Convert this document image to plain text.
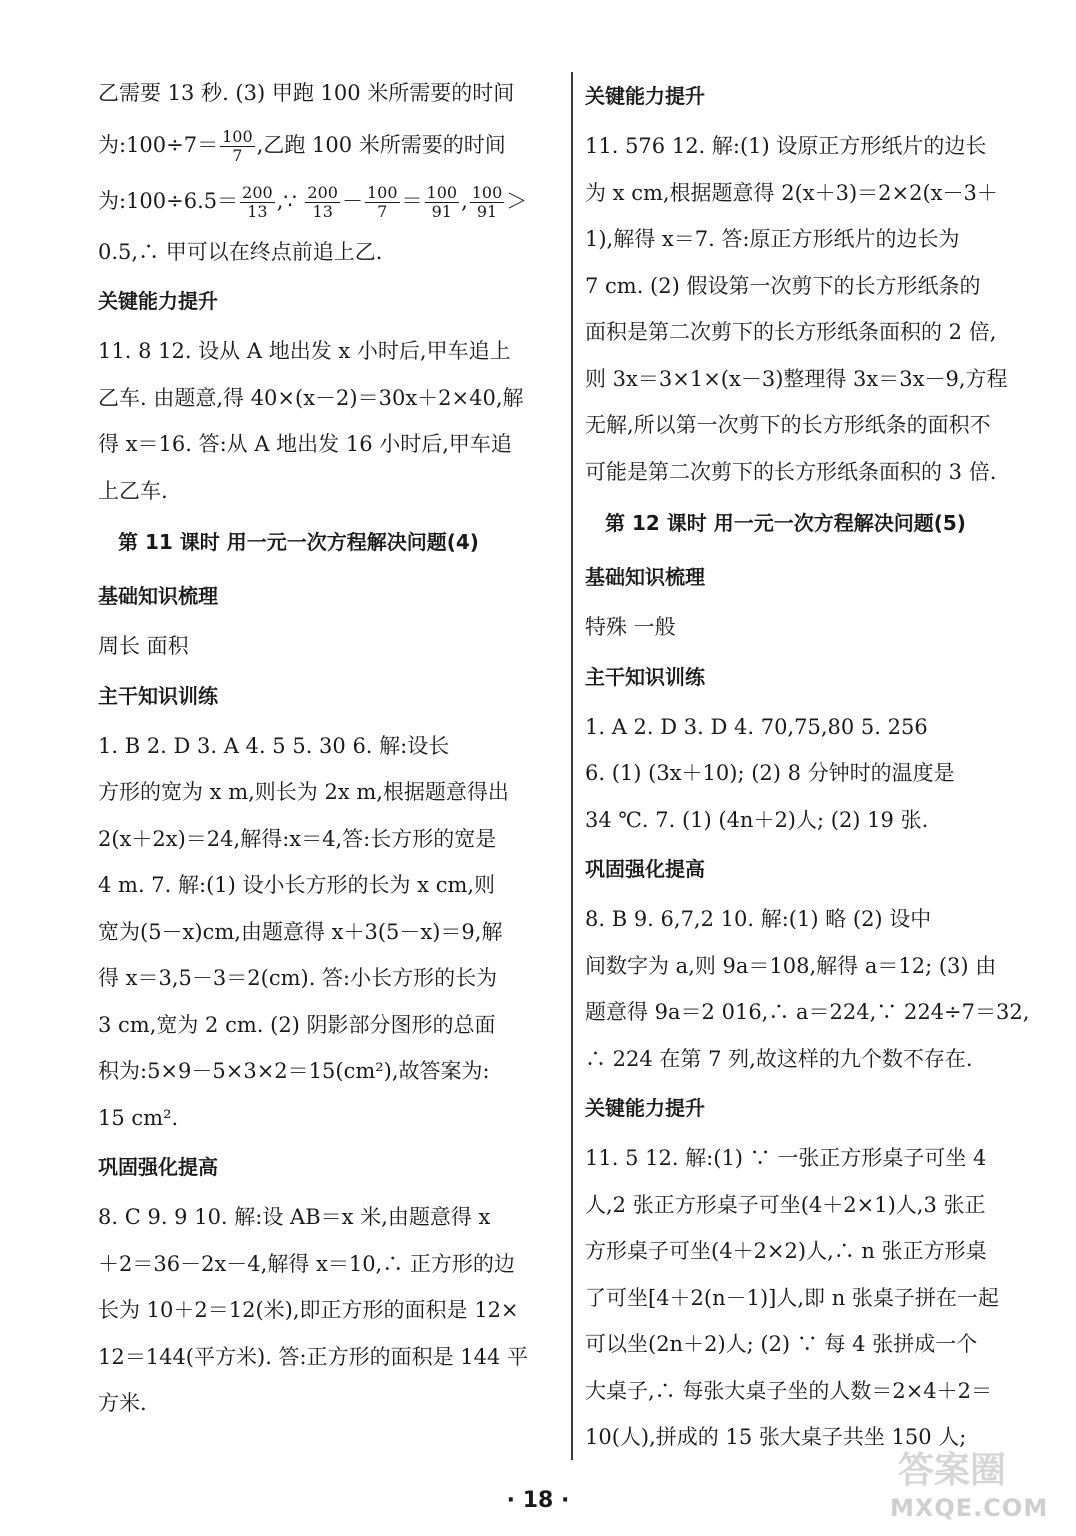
乙需要 13 秒. (3) 甲跑 100 米所需要的时间

为:100÷7＝ $\frac{100}{7}$ ,乙跑 100 米所需要的时间

为:100÷6.5＝ $\frac{200}{13}$ ,∵ $\frac{200}{13} - \frac{100}{7} = \frac{100}{91}$ , $\frac{100}{91}$ ＞

0.5,∴ 甲可以在终点前追上乙.

关键能力提升

11. 8 12. 设从 A 地出发 x 小时后,甲车追上

乙车. 由题意,得 40×(x－2)＝30x＋2×40,解

得 x＝16. 答:从 A 地出发 16 小时后,甲车追

上乙车.

第 11 课时 用一元一次方程解决问题(4)

基础知识梳理

周长 面积

主干知识训练

1. B 2. D 3. A 4. 5 5. 30 6. 解:设长

方形的宽为 x m,则长为 2x m,根据题意得出

2(x＋2x)＝24,解得:x＝4,答:长方形的宽是

4 m. 7. 解:(1) 设小长方形的长为 x cm,则

宽为(5－x)cm,由题意得 x＋3(5－x)＝9,解

得 x＝3,5－3＝2(cm). 答:小长方形的长为

3 cm,宽为 2 cm. (2) 阴影部分图形的总面

积为:5×9－5×3×2＝15(cm²),故答案为:

15 cm².

巩固强化提高

8. C 9. 9 10. 解:设 AB＝x 米,由题意得 x

＋2＝36－2x－4,解得 x＝10,∴ 正方形的边

长为 10＋2＝12(米),即正方形的面积是 12×

12＝144(平方米). 答:正方形的面积是 144 平

方米.

关键能力提升

11. 576 12. 解:(1) 设原正方形纸片的边长

为 x cm,根据题意得 2(x＋3)＝2×2(x－3＋

1),解得 x＝7. 答:原正方形纸片的边长为

7 cm. (2) 假设第一次剪下的长方形纸条的

面积是第二次剪下的长方形纸条面积的 2 倍,

则 3x＝3×1×(x－3)整理得 3x＝3x－9,方程

无解,所以第一次剪下的长方形纸条的面积不

可能是第二次剪下的长方形纸条面积的 3 倍.

第 12 课时 用一元一次方程解决问题(5)

基础知识梳理

特殊 一般

主干知识训练

1. A 2. D 3. D 4. 70,75,80 5. 256

6. (1) (3x＋10); (2) 8 分钟时的温度是

34 ℃. 7. (1) (4n＋2)人; (2) 19 张.

巩固强化提高

8. B 9. 6,7,2 10. 解:(1) 略 (2) 设中

间数字为 a,则 9a＝108,解得 a＝12; (3) 由

题意得 9a＝2 016,∴ a＝224,∵ 224÷7＝32,

∴ 224 在第 7 列,故这样的九个数不存在.

关键能力提升

11. 5 12. 解:(1) ∵ 一张正方形桌子可坐 4

人,2 张正方形桌子可坐(4＋2×1)人,3 张正

方形桌子可坐(4＋2×2)人,∴ n 张正方形桌

了可坐[4＋2(n－1)]人,即 n 张桌子拼在一起

可以坐(2n＋2)人; (2) ∵ 每 4 张拼成一个

大桌子,∴ 每张大桌子坐的人数＝2×4＋2＝

10(人),拼成的 15 张大桌子共坐 150 人;

· 18 ·
答案圈
MXQE.COM
